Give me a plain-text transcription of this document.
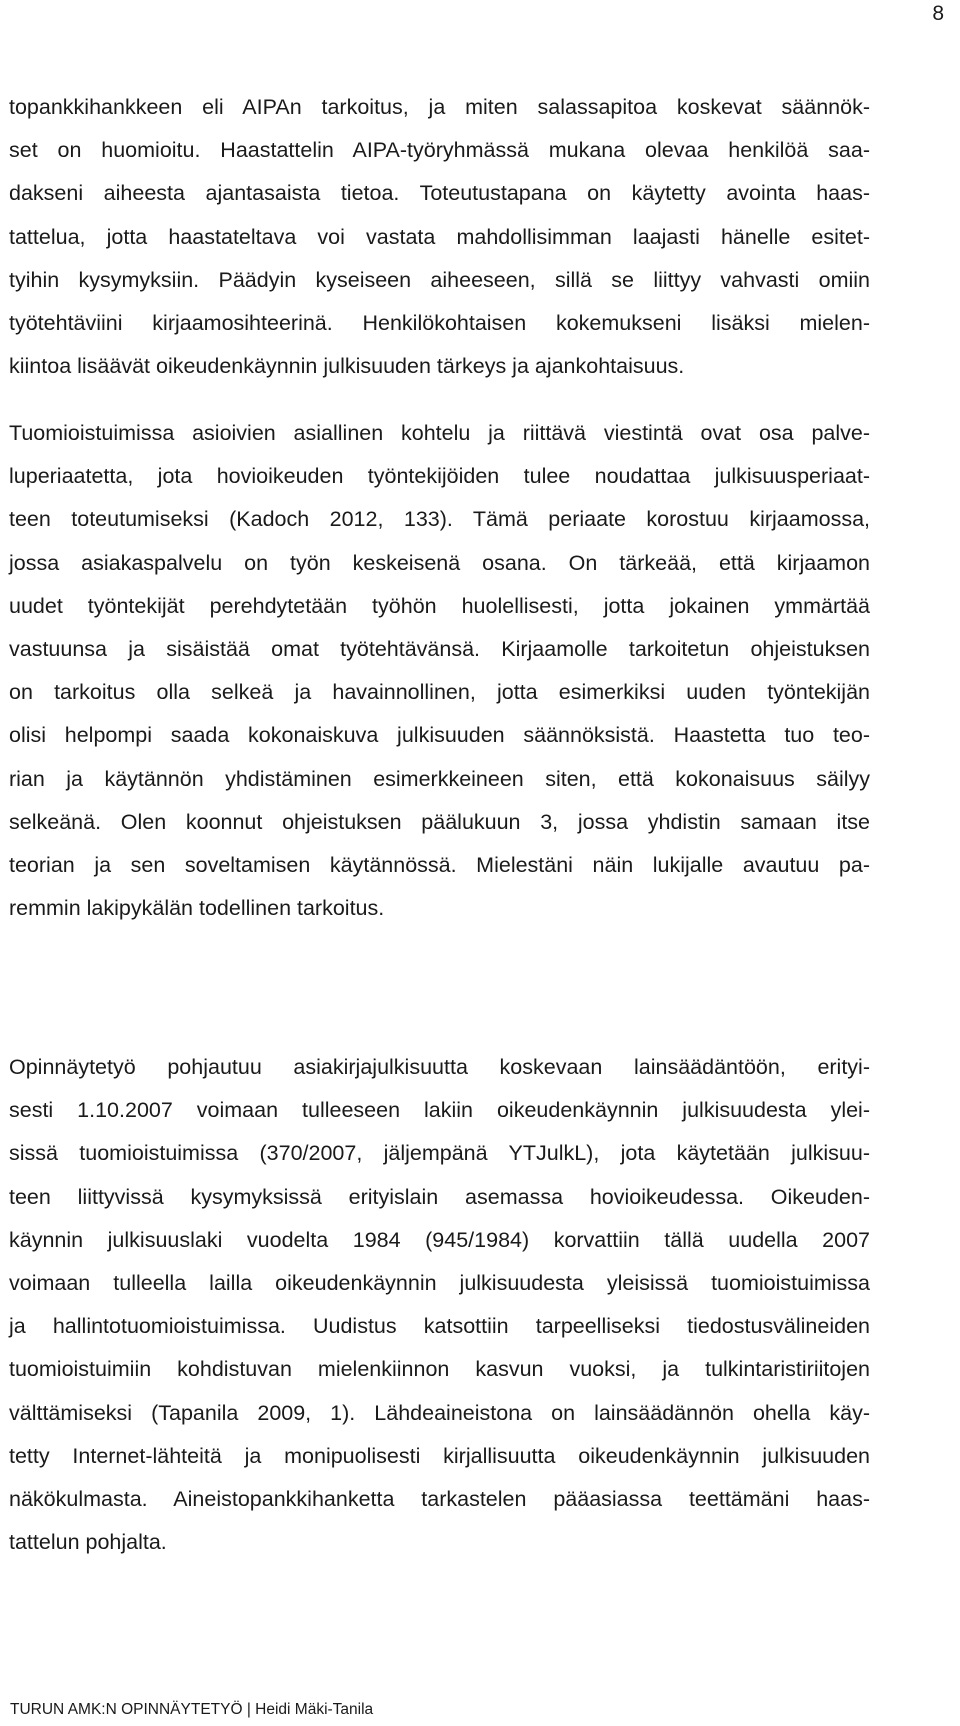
8
topankkihankkeen eli AIPAn tarkoitus, ja miten salassapitoa koskevat säännök-
set on huomioitu. Haastattelin AIPA-työryhmässä mukana olevaa henkilöä saa-
dakseni aiheesta ajantasaista tietoa. Toteutustapana on käytetty avointa haas-
tattelua, jotta haastateltava voi vastata mahdollisimman laajasti hänelle esitet-
tyihin kysymyksiin. Päädyin kyseiseen aiheeseen, sillä se liittyy vahvasti omiin
työtehtäviini kirjaamosihteerinä. Henkilökohtaisen kokemukseni lisäksi mielen-
kiintoa lisäävät oikeudenkäynnin julkisuuden tärkeys ja ajankohtaisuus.
Tuomioistuimissa asioivien asiallinen kohtelu ja riittävä viestintä ovat osa palve-
luperiaatetta, jota hovioikeuden työntekijöiden tulee noudattaa julkisuusperiaat-
teen toteutumiseksi (Kadoch 2012, 133). Tämä periaate korostuu kirjaamossa,
jossa asiakaspalvelu on työn keskeisenä osana. On tärkeää, että kirjaamon
uudet työntekijät perehdytetään työhön huolellisesti, jotta jokainen ymmärtää
vastuunsa ja sisäistää omat työtehtävänsä. Kirjaamolle tarkoitetun ohjeistuksen
on tarkoitus olla selkeä ja havainnollinen, jotta esimerkiksi uuden työntekijän
olisi helpompi saada kokonaiskuva julkisuuden säännöksistä. Haastetta tuo teo-
rian ja käytännön yhdistäminen esimerkkeineen siten, että kokonaisuus säilyy
selkeänä. Olen koonnut ohjeistuksen päälukuun 3, jossa yhdistin samaan itse
teorian ja sen soveltamisen käytännössä. Mielestäni näin lukijalle avautuu pa-
remmin lakipykälän todellinen tarkoitus.
Opinnäytetyö pohjautuu asiakirjajulkisuutta koskevaan lainsäädäntöön, erityi-
sesti 1.10.2007 voimaan tulleeseen lakiin oikeudenkäynnin julkisuudesta ylei-
sissä tuomioistuimissa (370/2007, jäljempänä YTJulkL), jota käytetään julkisuu-
teen liittyvissä kysymyksissä erityislain asemassa hovioikeudessa. Oikeuden-
käynnin julkisuuslaki vuodelta 1984 (945/1984) korvattiin tällä uudella 2007
voimaan tulleella lailla oikeudenkäynnin julkisuudesta yleisissä tuomioistuimissa
ja hallintotuomioistuimissa. Uudistus katsottiin tarpeelliseksi tiedostusvälineiden
tuomioistuimiin kohdistuvan mielenkiinnon kasvun vuoksi, ja tulkintaristiriitojen
välttämiseksi (Tapanila 2009, 1). Lähdeaineistona on lainsäädännön ohella käy-
tetty Internet-lähteitä ja monipuolisesti kirjallisuutta oikeudenkäynnin julkisuuden
näkökulmasta. Aineistopankkihanketta tarkastelen pääasiassa teettämäni haas-
tattelun pohjalta.
TURUN AMK:N OPINNÄYTETYÖ | Heidi Mäki-Tanila
